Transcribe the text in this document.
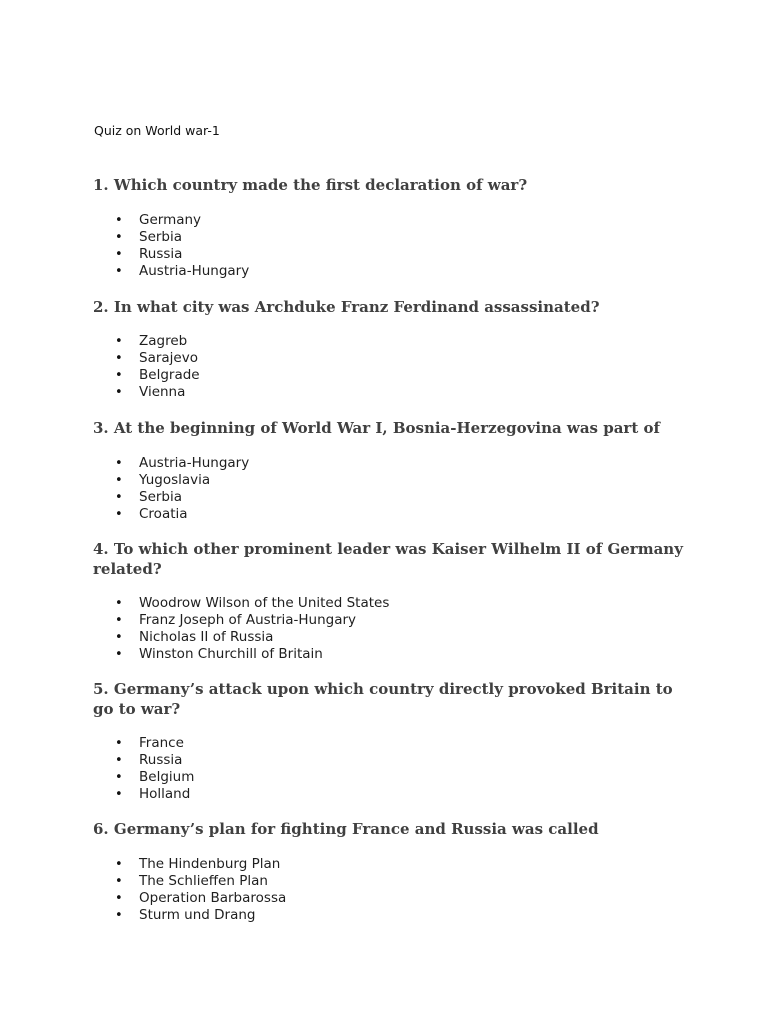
Quiz on World war-1

1. Which country made the first declaration of war?

• Germany
• Serbia
• Russia
• Austria-Hungary

2. In what city was Archduke Franz Ferdinand assassinated?

• Zagreb
• Sarajevo
• Belgrade
• Vienna

3. At the beginning of World War I, Bosnia-Herzegovina was part of

• Austria-Hungary
• Yugoslavia
• Serbia
• Croatia

4. To which other prominent leader was Kaiser Wilhelm II of Germany related?

• Woodrow Wilson of the United States
• Franz Joseph of Austria-Hungary
• Nicholas II of Russia
• Winston Churchill of Britain

5. Germany’s attack upon which country directly provoked Britain to go to war?

• France
• Russia
• Belgium
• Holland

6. Germany’s plan for fighting France and Russia was called

• The Hindenburg Plan
• The Schlieffen Plan
• Operation Barbarossa
• Sturm und Drang
